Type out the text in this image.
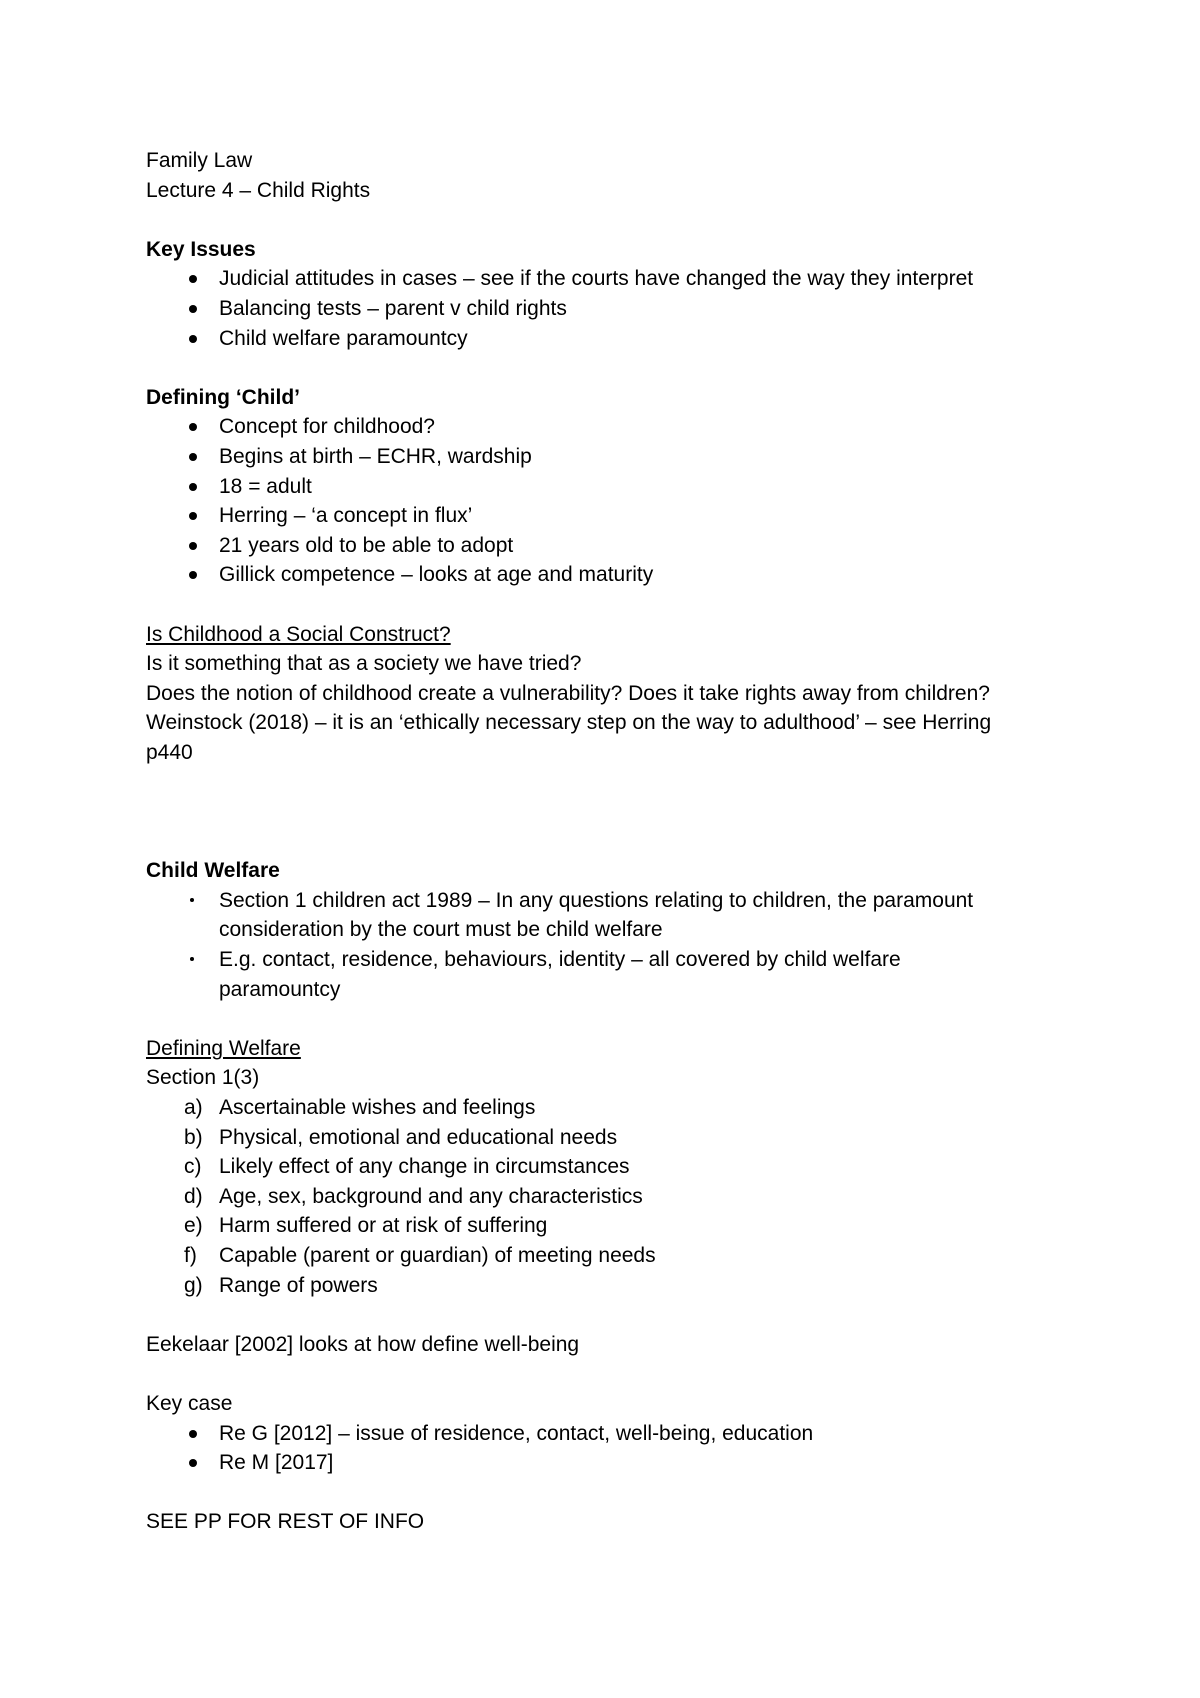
Family Law

Lecture 4 – Child Rights

Key Issues

Judicial attitudes in cases – see if the courts have changed the way they interpret
Balancing tests – parent v child rights
Child welfare paramountcy

Defining ‘Child’

Concept for childhood?
Begins at birth – ECHR, wardship
18 = adult
Herring – ‘a concept in flux’
21 years old to be able to adopt
Gillick competence – looks at age and maturity

Is Childhood a Social Construct?

Is it something that as a society we have tried?

Does the notion of childhood create a vulnerability? Does it take rights away from children?

Weinstock (2018) – it is an ‘ethically necessary step on the way to adulthood’ – see Herring

p440

Child Welfare

Section 1 children act 1989 – In any questions relating to children, the paramount

consideration by the court must be child welfare

E.g. contact, residence, behaviours, identity – all covered by child welfare

paramountcy

Defining Welfare

Section 1(3)

a) Ascertainable wishes and feelings
b) Physical, emotional and educational needs
c) Likely effect of any change in circumstances
d) Age, sex, background and any characteristics
e) Harm suffered or at risk of suffering
f) Capable (parent or guardian) of meeting needs
g) Range of powers

Eekelaar [2002] looks at how define well-being

Key case

Re G [2012] – issue of residence, contact, well-being, education
Re M [2017]

SEE PP FOR REST OF INFO
